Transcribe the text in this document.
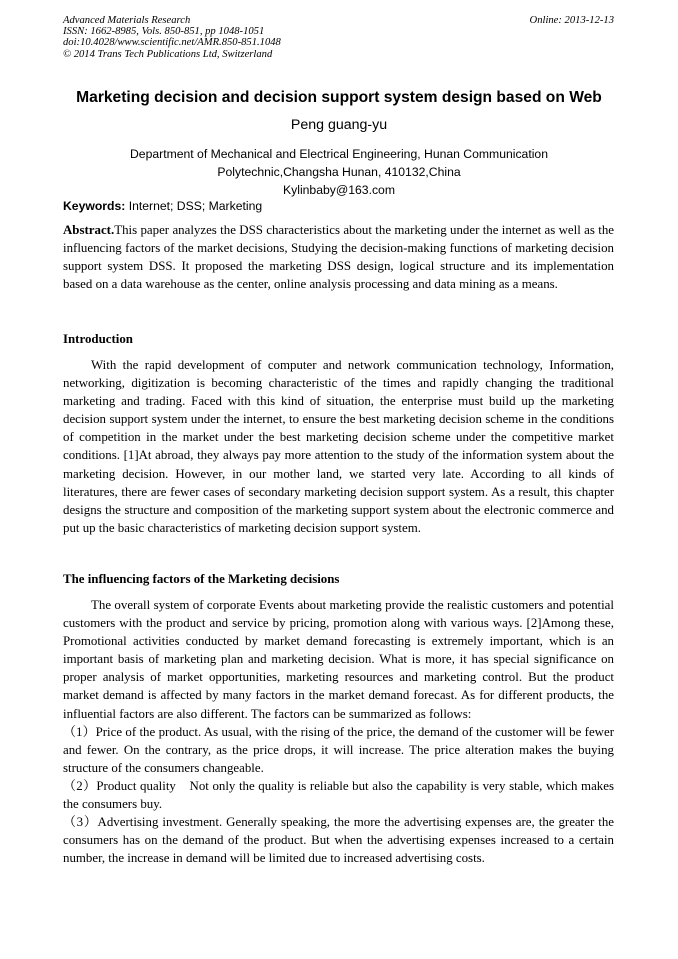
Advanced Materials Research
ISSN: 1662-8985, Vols. 850-851, pp 1048-1051
doi:10.4028/www.scientific.net/AMR.850-851.1048
© 2014 Trans Tech Publications Ltd, Switzerland
Online: 2013-12-13
Marketing decision and decision support system design based on Web
Peng guang-yu
Department of Mechanical and Electrical Engineering, Hunan Communication
Polytechnic,Changsha Hunan, 410132,China
Kylinbaby@163.com
Keywords: Internet; DSS; Marketing

Abstract.This paper analyzes the DSS characteristics about the marketing under the internet as well as the influencing factors of the market decisions, Studying the decision-making functions of marketing decision support system DSS. It proposed the marketing DSS design, logical structure and its implementation based on a data warehouse as the center, online analysis processing and data mining as a means.

Introduction

With the rapid development of computer and network communication technology, Information, networking, digitization is becoming characteristic of the times and rapidly changing the traditional marketing and trading. Faced with this kind of situation, the enterprise must build up the marketing decision support system under the internet, to ensure the best marketing decision scheme in the conditions of competition in the market under the best marketing decision scheme under the competitive market conditions. [1]At abroad, they always pay more attention to the study of the information system about the marketing decision. However, in our mother land, we started very late. According to all kinds of literatures, there are fewer cases of secondary marketing decision support system. As a result, this chapter designs the structure and composition of the marketing support system about the electronic commerce and put up the basic characteristics of marketing decision support system.

The influencing factors of the Marketing decisions

The overall system of corporate Events about marketing provide the realistic customers and potential customers with the product and service by pricing, promotion along with various ways. [2]Among these, Promotional activities conducted by market demand forecasting is extremely important, which is an important basis of marketing plan and marketing decision. What is more, it has special significance on proper analysis of market opportunities, marketing resources and marketing control. But the product market demand is affected by many factors in the market demand forecast. As for different products, the influential factors are also different. The factors can be summarized as follows:

（1）Price of the product. As usual, with the rising of the price, the demand of the customer will be fewer and fewer. On the contrary, as the price drops, it will increase. The price alteration makes the buying structure of the consumers changeable.

（2）Product quality　Not only the quality is reliable but also the capability is very stable, which makes the consumers buy.

（3）Advertising investment. Generally speaking, the more the advertising expenses are, the greater the consumers has on the demand of the product. But when the advertising expenses increased to a certain number, the increase in demand will be limited due to increased advertising costs.
